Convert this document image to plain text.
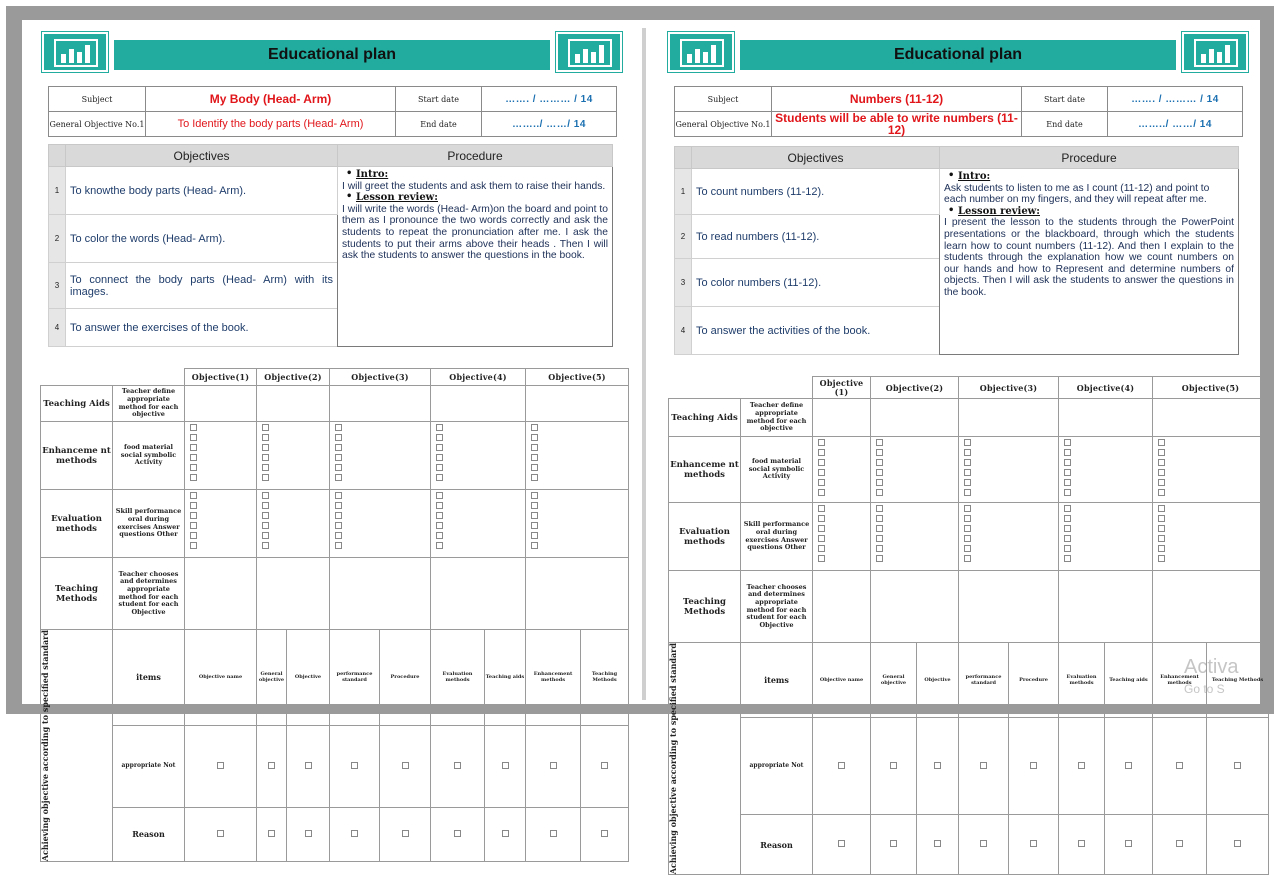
Educational plan
Subject	My Body (Head- Arm)	Start date	……. / ……… / 14
General Objective No.1	To Identify the body parts (Head- Arm)	End date	……../ ……/ 14
	Objectives	Procedure
1	To knowthe body parts (Head- Arm).	• Intro:
I will greet the students and ask them to raise their hands.
• Lesson review:
I will write the words (Head- Arm)on the board and point to them as I pronounce the two words correctly and ask the students to repeat the pronunciation after me. I ask the students to put their arms above their heads . Then I will ask the students to answer the questions in the book.

2	To color the words (Head- Arm).	
3	To connect the body parts (Head- Arm) with its images.	
4	To answer the exercises of the book.	
		Objective(1)	Objective(2)		Objective(3)		Objective(4)		Objective(5)	
Teaching Aids	Teacher define appropriate method for each objective									
Enhanceme nt methods	food material social symbolic Activity					

Evaluation methods	Skill performance oral during exercises Answer questions Other					

Teaching Methods	Teacher chooses and determines appropriate method for each student for each Objective									

Achieving objective according to specified standard	items	Objective name	General objective	Objective	performance standard	Procedure	Evaluation methods	Teaching aids	Enhancement methods	Teaching Methods
	appropriate Not									
	Reason									
Educational plan
Subject	Numbers (11-12)	Start date	……. / ……… / 14
General Objective No.1	Students will be able to write numbers (11-12)	End date	……../ ……/ 14
	Objectives	Procedure
1	To count numbers (11-12).	• Intro:
Ask students to listen to me as I count (11-12) and point to each number on my fingers, and they will repeat after me.
• Lesson review:
I present the lesson to the students through the PowerPoint presentations or the blackboard, through which the students learn how to count numbers (11-12). And then I explain to the students through the explanation how we count numbers on our hands and how to Represent and determine numbers of objects. Then I will ask the students to answer the questions in the book.

2	To read numbers (11-12).	
3	To color numbers (11-12).	
4	To answer the activities of the book.	
		Objective (1)	Objective(2)		Objective(3)		Objective(4)		Objective(5)	
Teaching Aids	Teacher define appropriate method for each objective									
Enhanceme nt methods	food material social symbolic Activity					

Evaluation methods	Skill performance oral during exercises Answer questions Other					

Teaching Methods	Teacher chooses and determines appropriate method for each student for each Objective									

Achieving objective according to specified standard	items	Objective name	General objective	Objective	performance standard	Procedure	Evaluation methods	Teaching aids	Enhancement methods	Teaching Methods
	appropriate Not									
	Reason									
Activa
Go to S
